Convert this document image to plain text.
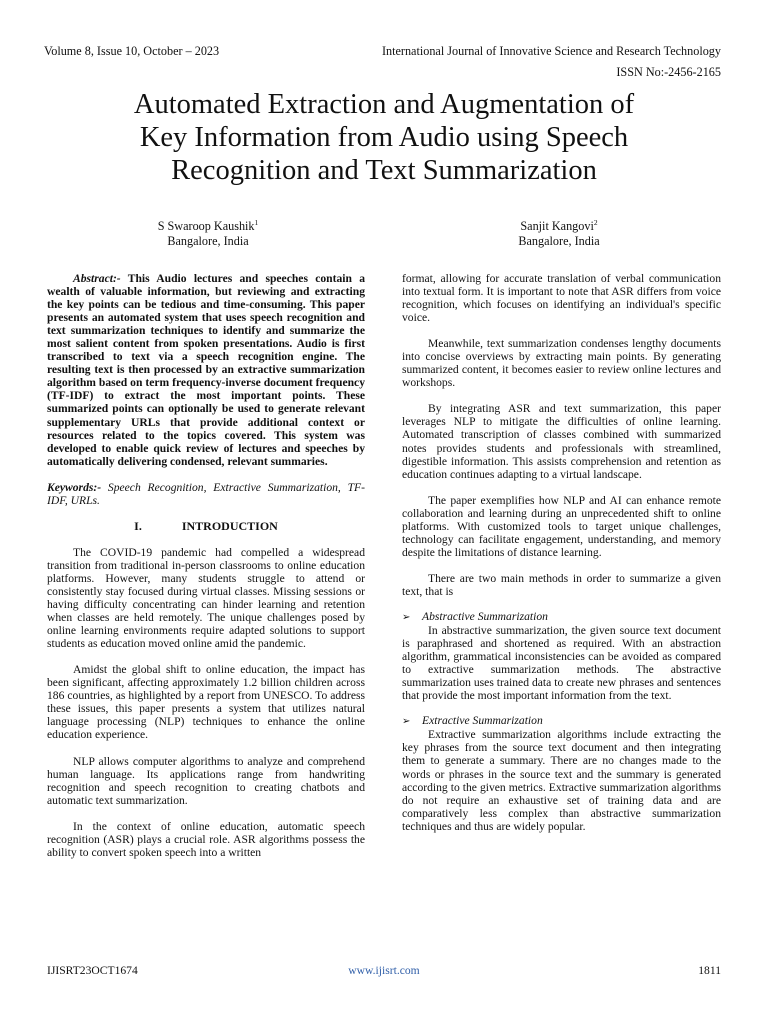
Volume 8, Issue 10, October – 2023	International Journal of Innovative Science and Research Technology
ISSN No:-2456-2165
Automated Extraction and Augmentation of
Key Information from Audio using Speech
Recognition and Text Summarization
S Swaroop Kaushik$^1$
Bangalore, India
Sanjit Kangovi$^2$
Bangalore, India

Abstract:- This Audio lectures and speeches contain a wealth of valuable information, but reviewing and extracting the key points can be tedious and time-consuming. This paper presents an automated system that uses speech recognition and text summarization techniques to identify and summarize the most salient content from spoken presentations. Audio is first transcribed to text via a speech recognition engine. The resulting text is then processed by an extractive summarization algorithm based on term frequency-inverse document frequency (TF-IDF) to extract the most important points. These summarized points can optionally be used to generate relevant supplementary URLs that provide additional context or resources related to the topics covered. This system was developed to enable quick review of lectures and speeches by automatically delivering condensed, relevant summaries.

Keywords:- Speech Recognition, Extractive Summarization, TF-IDF, URLs.

I.	INTRODUCTION

The COVID-19 pandemic had compelled a widespread transition from traditional in-person classrooms to online education platforms. However, many students struggle to attend or consistently stay focused during virtual classes. Missing sessions or having difficulty concentrating can hinder learning and retention when classes are held remotely. The unique challenges posed by online learning environments require adapted solutions to support students as education moved online amid the pandemic.

Amidst the global shift to online education, the impact has been significant, affecting approximately 1.2 billion children across 186 countries, as highlighted by a report from UNESCO. To address these issues, this paper presents a system that utilizes natural language processing (NLP) techniques to enhance the online education experience.

NLP allows computer algorithms to analyze and comprehend human language. Its applications range from handwriting recognition and speech recognition to creating chatbots and automatic text summarization.

In the context of online education, automatic speech recognition (ASR) plays a crucial role. ASR algorithms possess the ability to convert spoken speech into a written

format, allowing for accurate translation of verbal communication into textual form. It is important to note that ASR differs from voice recognition, which focuses on identifying an individual's specific voice.

Meanwhile, text summarization condenses lengthy documents into concise overviews by extracting main points. By generating summarized content, it becomes easier to review online lectures and workshops.

By integrating ASR and text summarization, this paper leverages NLP to mitigate the difficulties of online learning. Automated transcription of classes combined with summarized notes provides students and professionals with streamlined, digestible information. This assists comprehension and retention as education continues adapting to a virtual landscape.

The paper exemplifies how NLP and AI can enhance remote collaboration and learning during an unprecedented shift to online platforms. With customized tools to target unique challenges, technology can facilitate engagement, understanding, and memory despite the limitations of distance learning.

There are two main methods in order to summarize a given text, that is

➢ Abstractive Summarization

In abstractive summarization, the given source text document is paraphrased and shortened as required. With an abstraction algorithm, grammatical inconsistencies can be avoided as compared to extractive summarization methods. The abstractive summarization uses trained data to create new phrases and sentences that provide the most important information from the text.

➢ Extractive Summarization

Extractive summarization algorithms include extracting the key phrases from the source text document and then integrating them to generate a summary. There are no changes made to the words or phrases in the source text and the summary is generated according to the given metrics. Extractive summarization algorithms do not require an exhaustive set of training data and are comparatively less complex than abstractive summarization techniques and thus are widely popular.

IJISRT23OCT1674	www.ijisrt.com	1811
